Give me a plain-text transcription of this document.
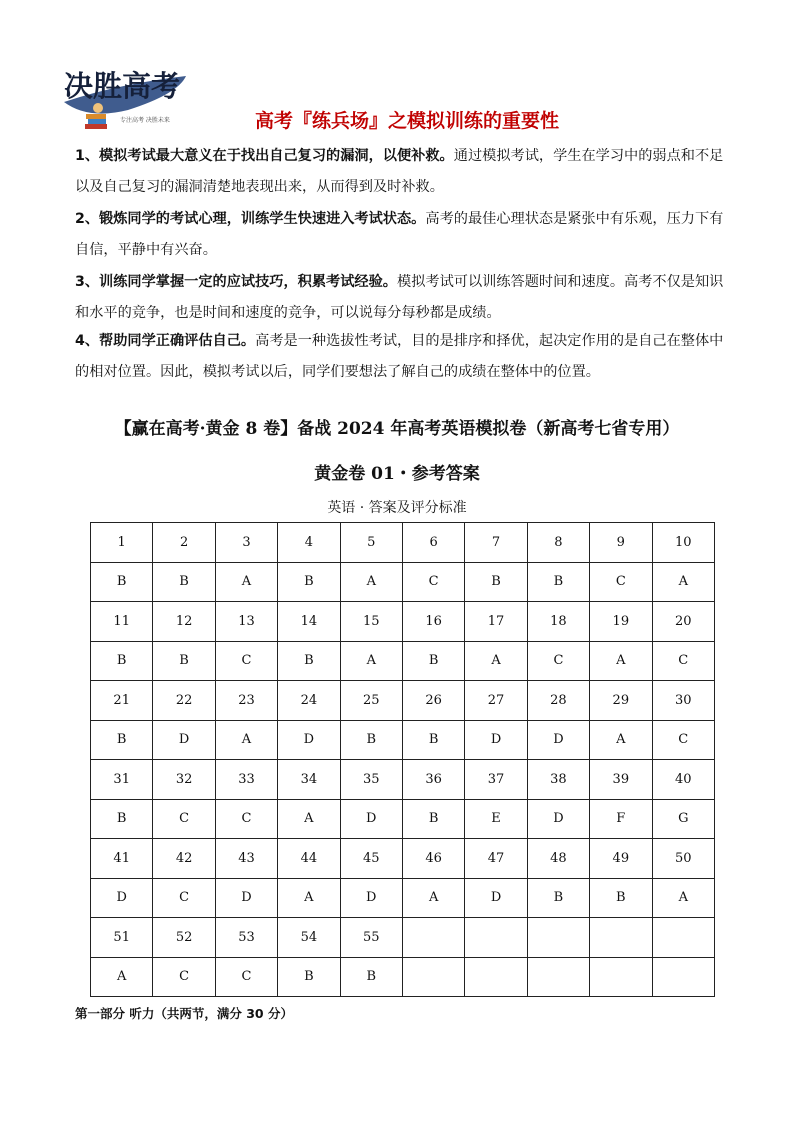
决胜高考
专注高考 决胜未来	高考『练兵场』之模拟训练的重要性

1、模拟考试最大意义在于找出自己复习的漏洞，以便补救。通过模拟考试，学生在学习中的弱点和不足以及自己复习的漏洞清楚地表现出来，从而得到及时补救。

2、锻炼同学的考试心理，训练学生快速进入考试状态。高考的最佳心理状态是紧张中有乐观，压力下有自信，平静中有兴奋。

3、训练同学掌握一定的应试技巧，积累考试经验。模拟考试可以训练答题时间和速度。高考不仅是知识和水平的竞争，也是时间和速度的竞争，可以说每分每秒都是成绩。

4、帮助同学正确评估自己。高考是一种选拔性考试，目的是排序和择优，起决定作用的是自己在整体中的相对位置。因此，模拟考试以后，同学们要想法了解自己的成绩在整体中的位置。

【赢在高考·黄金 8 卷】备战 2024 年高考英语模拟卷（新高考七省专用）
黄金卷 01・参考答案
英语 · 答案及评分标准
1	2	3	4	5	6	7	8	9	10
B	B	A	B	A	C	B	B	C	A
11	12	13	14	15	16	17	18	19	20
B	B	C	B	A	B	A	C	A	C
21	22	23	24	25	26	27	28	29	30
B	D	A	D	B	B	D	D	A	C
31	32	33	34	35	36	37	38	39	40
B	C	C	A	D	B	E	D	F	G
41	42	43	44	45	46	47	48	49	50
D	C	D	A	D	A	D	B	B	A
51	52	53	54	55					
A	C	C	B	B					
第一部分 听力（共两节，满分 30 分）
